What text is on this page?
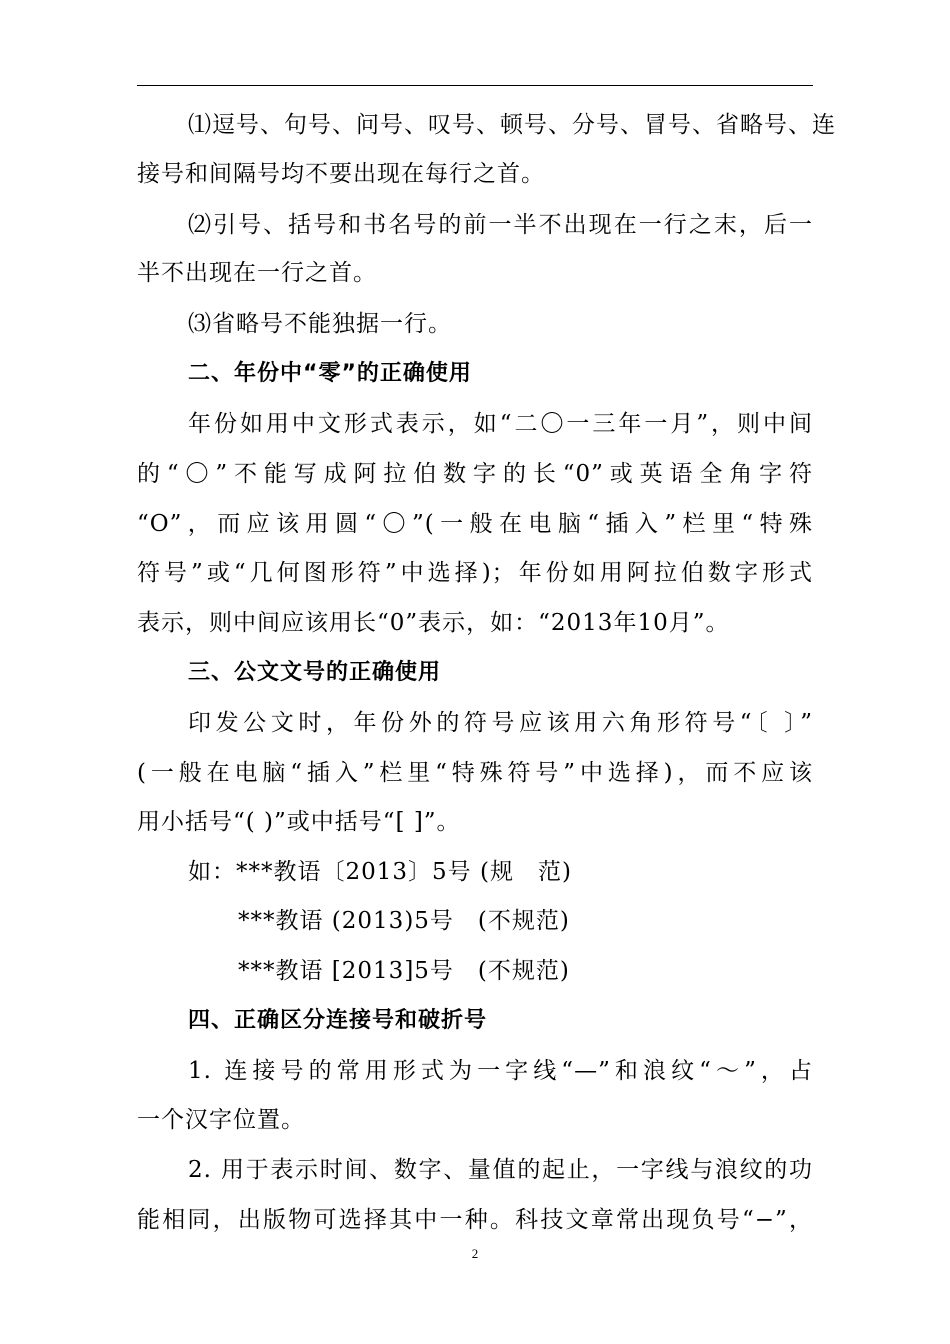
⑴逗号、句号、问号、叹号、顿号、分号、冒号、省略号、连
接号和间隔号均不要出现在每行之首。
⑵引号、括号和书名号的前一半不出现在一行之末，后一
半不出现在一行之首。
⑶省略号不能独据一行。
二、年份中“零”的正确使用
年份如用中文形式表示，如“二〇一三年一月”，则中间
的“〇”不能写成阿拉伯数字的长“0”或英语全角字符
“O”，而应该用圆“〇”(一般在电脑“插入”栏里“特殊
符号”或“几何图形符”中选择)；年份如用阿拉伯数字形式
表示，则中间应该用长“0”表示，如：“2013年10月”。
三、公文文号的正确使用
印发公文时，年份外的符号应该用六角形符号“〔 〕”
(一般在电脑“插入”栏里“特殊符号”中选择)，而不应该
用小括号“( )”或中括号“[ ]”。
如：***教语〔2013〕5号 (规　范)
***教语 (2013)5号　(不规范)
***教语 [2013]5号　(不规范)
四、正确区分连接号和破折号
1. 连接号的常用形式为一字线“—”和浪纹“～”，占
一个汉字位置。
2. 用于表示时间、数字、量值的起止，一字线与浪纹的功
能相同，出版物可选择其中一种。科技文章常出现负号“−”，
2
